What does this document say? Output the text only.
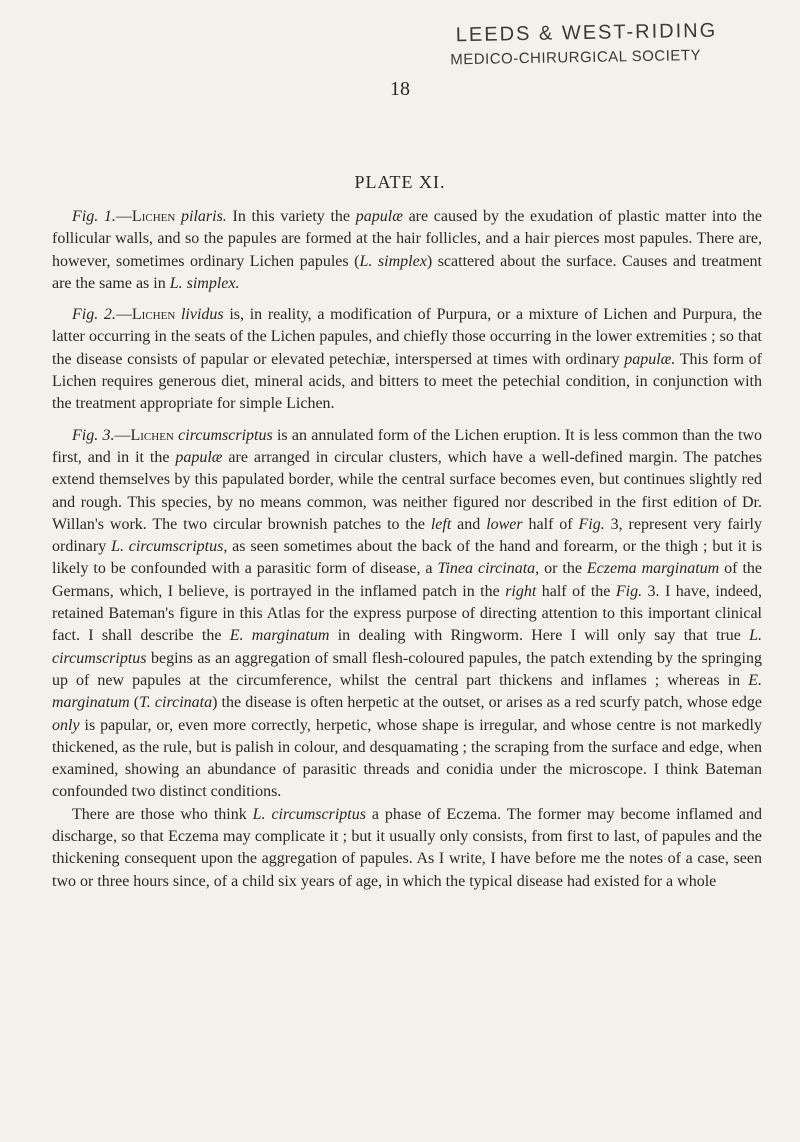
LEEDS & WEST-RIDING
MEDICO-CHIRURGICAL SOCIETY
18
PLATE XI.

Fig. 1.—Lichen pilaris. In this variety the papulæ are caused by the exudation of plastic matter into the follicular walls, and so the papules are formed at the hair follicles, and a hair pierces most papules. There are, however, sometimes ordinary Lichen papules (L. simplex) scattered about the surface. Causes and treatment are the same as in L. simplex.

Fig. 2.—Lichen lividus is, in reality, a modification of Purpura, or a mixture of Lichen and Purpura, the latter occurring in the seats of the Lichen papules, and chiefly those occurring in the lower extremities ; so that the disease consists of papular or elevated petechiæ, interspersed at times with ordinary papulæ. This form of Lichen requires generous diet, mineral acids, and bitters to meet the petechial condition, in conjunction with the treatment appropriate for simple Lichen.

Fig. 3.—Lichen circumscriptus is an annulated form of the Lichen eruption. It is less common than the two first, and in it the papulæ are arranged in circular clusters, which have a well-defined margin. The patches extend themselves by this papulated border, while the central surface becomes even, but continues slightly red and rough. This species, by no means common, was neither figured nor described in the first edition of Dr. Willan's work. The two circular brownish patches to the left and lower half of Fig. 3, represent very fairly ordinary L. circumscriptus, as seen sometimes about the back of the hand and forearm, or the thigh ; but it is likely to be confounded with a parasitic form of disease, a Tinea circinata, or the Eczema marginatum of the Germans, which, I believe, is portrayed in the inflamed patch in the right half of the Fig. 3. I have, indeed, retained Bateman's figure in this Atlas for the express purpose of directing attention to this important clinical fact. I shall describe the E. marginatum in dealing with Ringworm. Here I will only say that true L. circumscriptus begins as an aggregation of small flesh-coloured papules, the patch extending by the springing up of new papules at the circumference, whilst the central part thickens and inflames ; whereas in E. marginatum (T. circinata) the disease is often herpetic at the outset, or arises as a red scurfy patch, whose edge only is papular, or, even more correctly, herpetic, whose shape is irregular, and whose centre is not markedly thickened, as the rule, but is palish in colour, and desquamating ; the scraping from the surface and edge, when examined, showing an abundance of parasitic threads and conidia under the microscope. I think Bateman confounded two distinct conditions.

There are those who think L. circumscriptus a phase of Eczema. The former may become inflamed and discharge, so that Eczema may complicate it ; but it usually only consists, from first to last, of papules and the thickening consequent upon the aggregation of papules. As I write, I have before me the notes of a case, seen two or three hours since, of a child six years of age, in which the typical disease had existed for a whole
